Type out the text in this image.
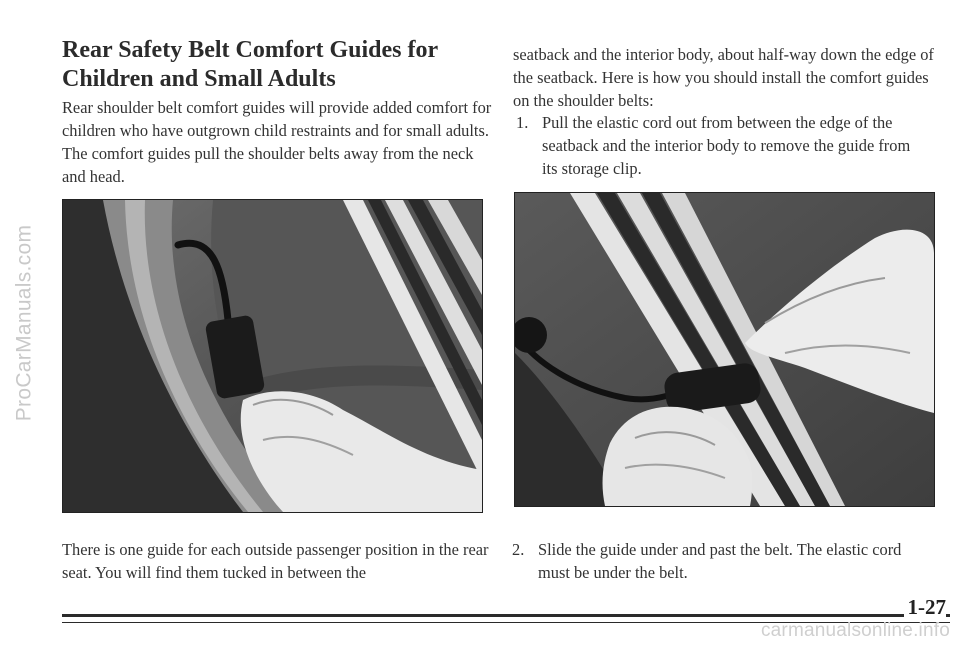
ProCarManuals.com
Rear Safety Belt Comfort Guides for Children and Small Adults

Rear shoulder belt comfort guides will provide added comfort for children who have outgrown child restraints and for small adults. The comfort guides pull the shoulder belts away from the neck and head.

seatback and the interior body, about half-way down the edge of the seatback. Here is how you should install the comfort guides on the shoulder belts:

1. Pull the elastic cord out from between the edge of the seatback and the interior body to remove the guide from its storage clip.

There is one guide for each outside passenger position in the rear seat. You will find them tucked in between the

2. Slide the guide under and past the belt. The elastic cord must be under the belt.
1-27
carmanualsonline.info
